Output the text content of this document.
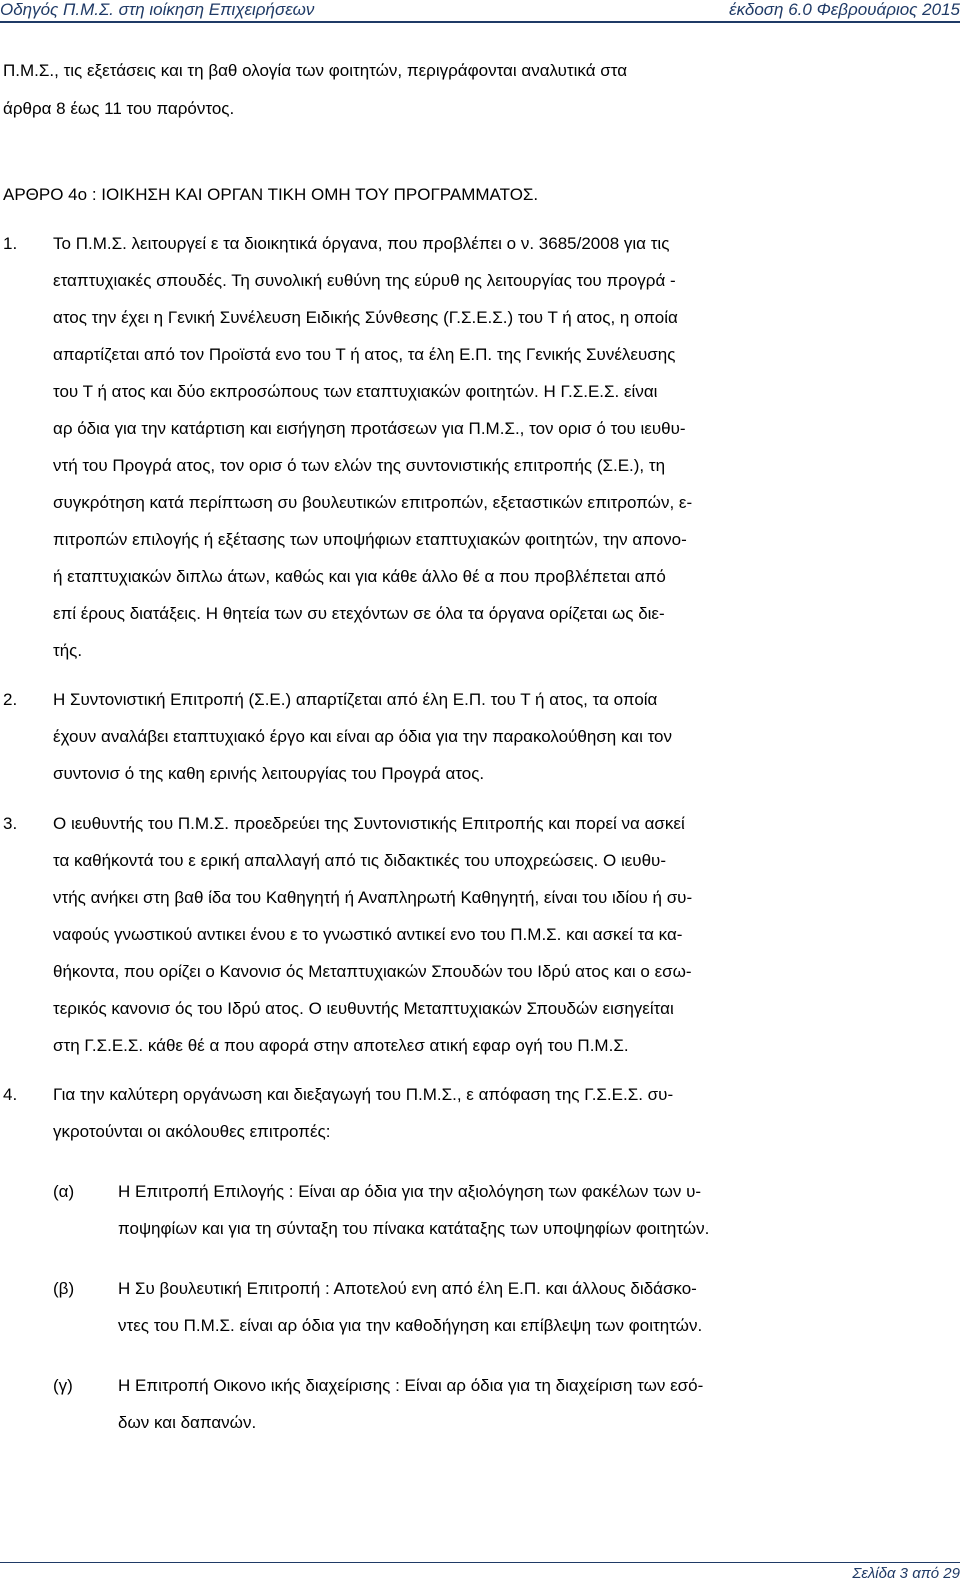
Οδηγός Π.Μ.Σ. στη ιοίκηση Επιχειρήσεων	έκδοση 6.0 Φεβρουάριος 2015
Π.Μ.Σ., τις εξετάσεις και τη βαθ ολογία των φοιτητών, περιγράφονται αναλυτικά στα
άρθρα 8 έως 11 του παρόντος.
ΑΡΘΡΟ 4ο : ΙΟΙΚΗΣΗ ΚΑΙ ΟΡΓΑΝ ΤΙΚΗ ΟΜΗ ΤΟΥ ΠΡΟΓΡΑΜΜΑΤΟΣ.
1. Το Π.Μ.Σ. λειτουργεί ε τα διοικητικά όργανα, που προβλέπει ο ν. 3685/2008 για τις
εταπτυχιακές σπουδές. Τη συνολική ευθύνη της εύρυθ ης λειτουργίας του προγρά -
ατος την έχει η Γενική Συνέλευση Ειδικής Σύνθεσης (Γ.Σ.Ε.Σ.) του Τ ή ατος, η οποία
απαρτίζεται από τον Προϊστά ενο του Τ ή ατος, τα έλη Ε.Π. της Γενικής Συνέλευσης
του Τ ή ατος και δύο εκπροσώπους των εταπτυχιακών φοιτητών. Η Γ.Σ.Ε.Σ. είναι
αρ όδια για την κατάρτιση και εισήγηση προτάσεων για Π.Μ.Σ., τον ορισ ό του ιευθυ-
ντή του Προγρά ατος, τον ορισ ό των ελών της συντονιστικής επιτροπής (Σ.Ε.), τη
συγκρότηση κατά περίπτωση συ βουλευτικών επιτροπών, εξεταστικών επιτροπών, ε-
πιτροπών επιλογής ή εξέτασης των υποψήφιων εταπτυχιακών φοιτητών, την απονο-
ή εταπτυχιακών διπλω άτων, καθώς και για κάθε άλλο θέ α που προβλέπεται από
επί έρους διατάξεις. Η θητεία των συ ετεχόντων σε όλα τα όργανα ορίζεται ως διε-
τής.
2. Η Συντονιστική Επιτροπή (Σ.Ε.) απαρτίζεται από έλη Ε.Π. του Τ ή ατος, τα οποία
έχουν αναλάβει εταπτυχιακό έργο και είναι αρ όδια για την παρακολούθηση και τον
συντονισ ό της καθη ερινής λειτουργίας του Προγρά ατος.
3. Ο ιευθυντής του Π.Μ.Σ. προεδρεύει της Συντονιστικής Επιτροπής και πορεί να ασκεί
τα καθήκοντά του ε ερική απαλλαγή από τις διδακτικές του υποχρεώσεις. Ο ιευθυ-
ντής ανήκει στη βαθ ίδα του Καθηγητή ή Αναπληρωτή Καθηγητή, είναι του ιδίου ή συ-
ναφούς γνωστικού αντικει ένου ε το γνωστικό αντικεί ενο του Π.Μ.Σ. και ασκεί τα κα-
θήκοντα, που ορίζει ο Κανονισ ός Μεταπτυχιακών Σπουδών του Ιδρύ ατος και ο εσω-
τερικός κανονισ ός του Ιδρύ ατος. Ο ιευθυντής Μεταπτυχιακών Σπουδών εισηγείται
στη Γ.Σ.Ε.Σ. κάθε θέ α που αφορά στην αποτελεσ ατική εφαρ ογή του Π.Μ.Σ.
4. Για την καλύτερη οργάνωση και διεξαγωγή του Π.Μ.Σ., ε απόφαση της Γ.Σ.Ε.Σ. συ-
γκροτούνται οι ακόλουθες επιτροπές:
(α)	Η Επιτροπή Επιλογής : Είναι αρ όδια για την αξιολόγηση των φακέλων των υ-
ποψηφίων και για τη σύνταξη του πίνακα κατάταξης των υποψηφίων φοιτητών.
(β)	Η Συ βουλευτική Επιτροπή : Αποτελού ενη από έλη Ε.Π. και άλλους διδάσκο-
ντες του Π.Μ.Σ. είναι αρ όδια για την καθοδήγηση και επίβλεψη των φοιτητών.
(γ)	Η Επιτροπή Οικονο ικής διαχείρισης : Είναι αρ όδια για τη διαχείριση των εσό-
δων και δαπανών.
Σελίδα 3 από 29
